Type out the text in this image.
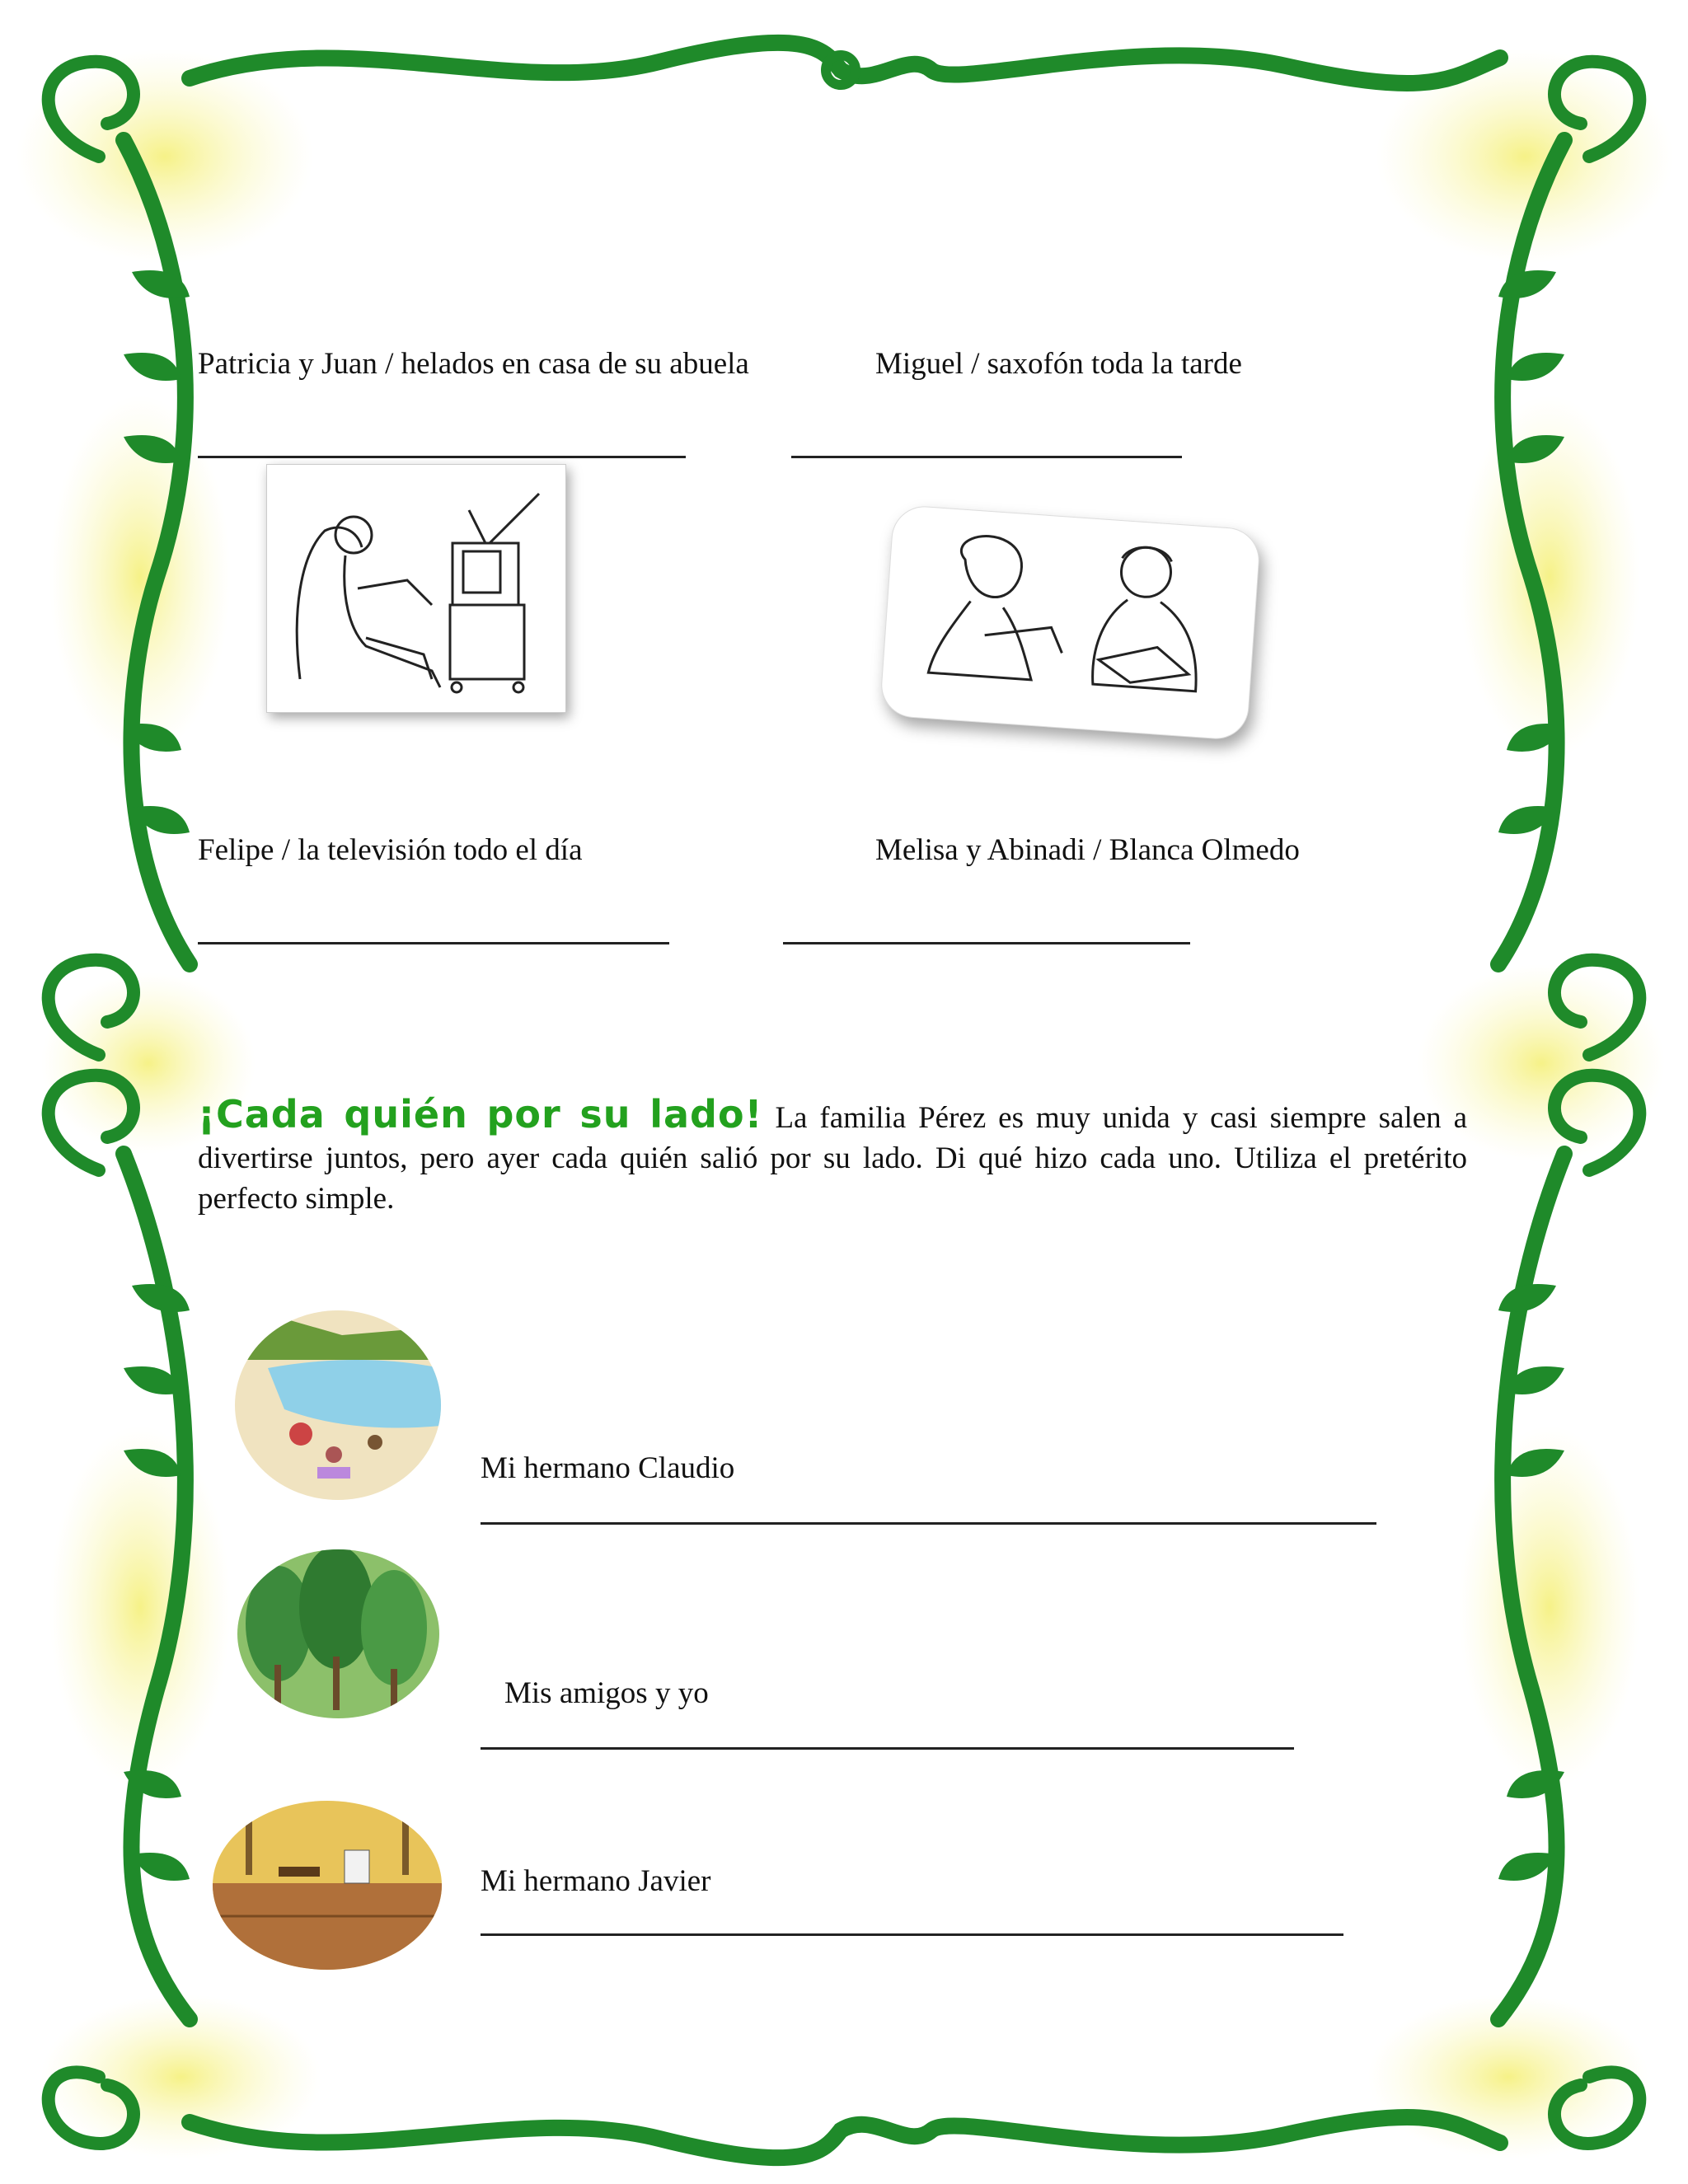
Patricia y Juan / helados en casa de su abuela	Miguel / saxofón toda la tarde
Felipe / la televisión todo el día	Melisa y Abinadi / Blanca Olmedo
¡Cada quién por su lado! La familia Pérez es muy unida y casi siempre salen a divertirse juntos, pero ayer cada quién salió por su lado. Di qué hizo cada uno. Utiliza el pretérito perfecto simple.
Mi hermano Claudio
Mis amigos y yo
Mi hermano Javier
